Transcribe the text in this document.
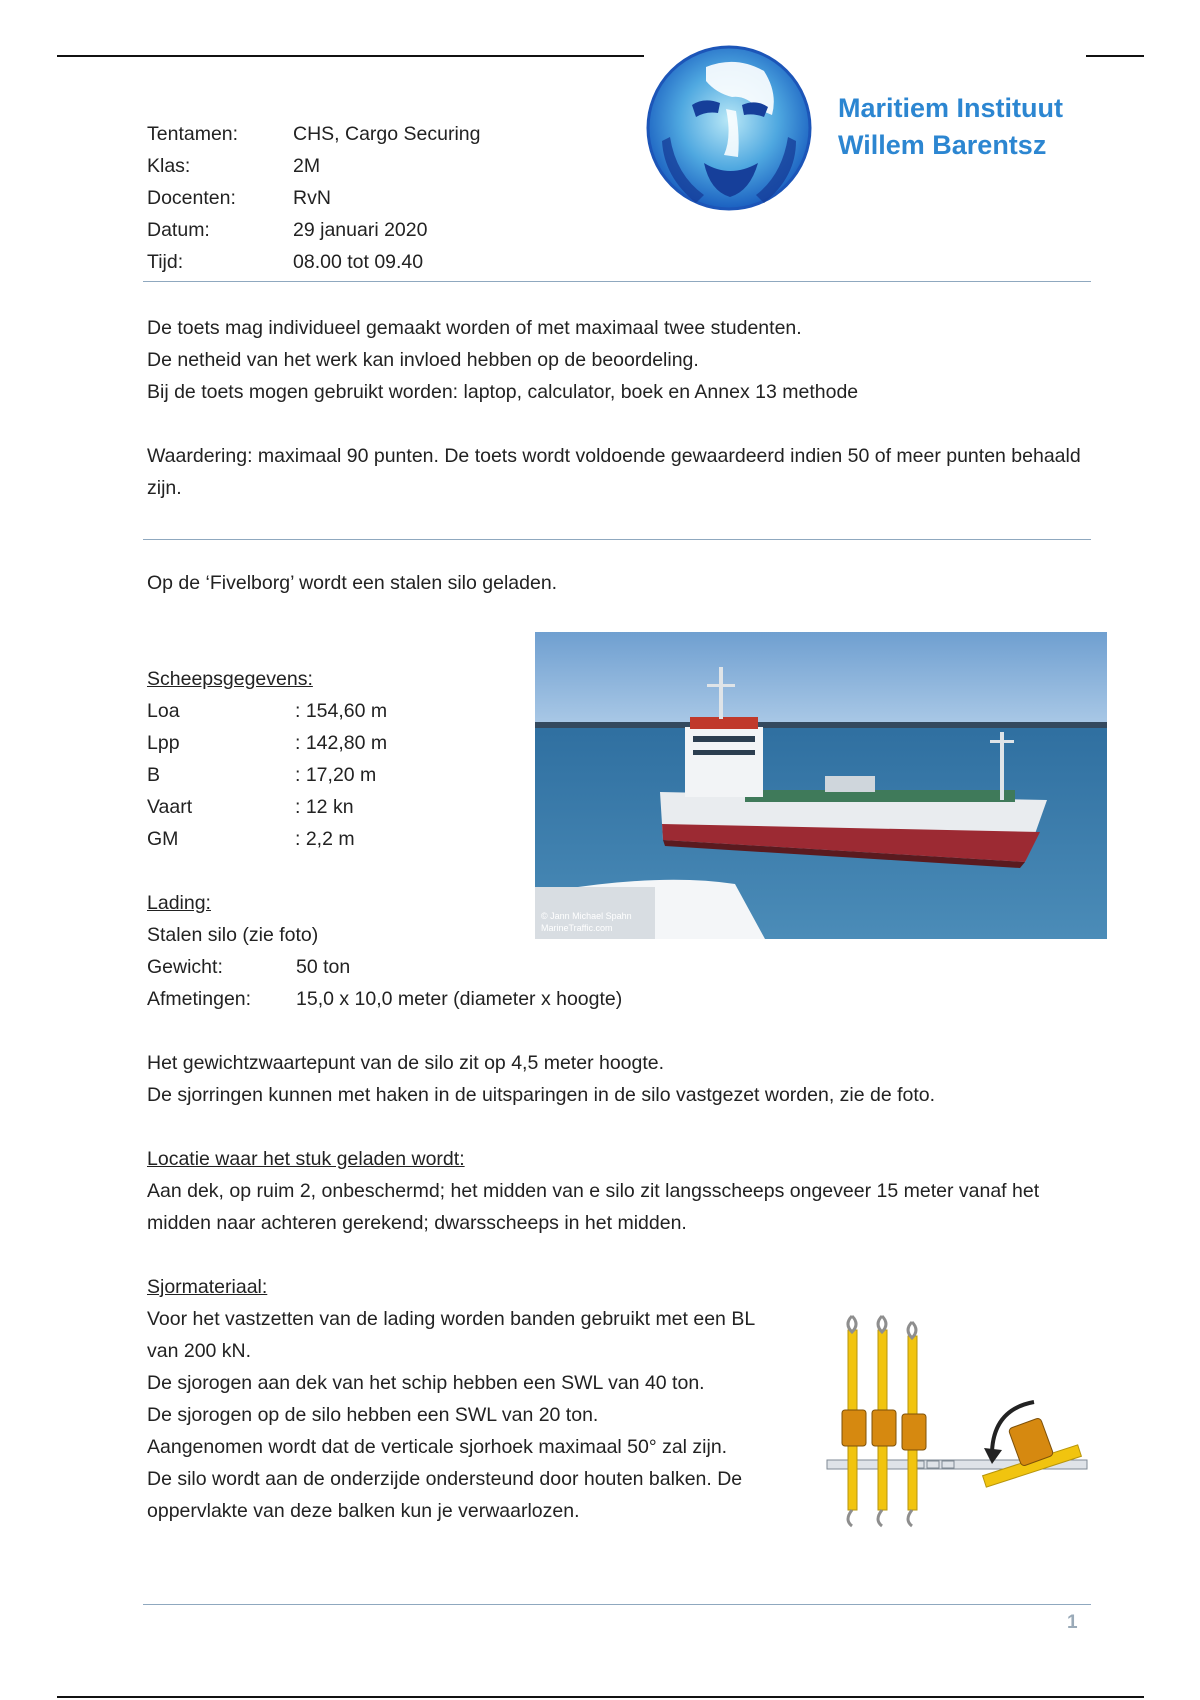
Maritiem Instituut
Willem Barentsz
Tentamen:	CHS, Cargo Securing
Klas:	2M
Docenten:	RvN
Datum:	29 januari 2020
Tijd:	08.00 tot 09.40
De toets mag individueel gemaakt worden of met maximaal twee studenten.
De netheid van het werk kan invloed hebben op de beoordeling.
Bij de toets mogen gebruikt worden: laptop, calculator, boek en Annex 13 methode
Waardering: maximaal 90 punten. De toets wordt voldoende gewaardeerd indien 50 of meer punten behaald zijn.
Op de ‘Fivelborg’ wordt een stalen silo geladen.
Scheepsgegevens:
Loa	: 154,60 m
Lpp	: 142,80 m
B	: 17,20 m
Vaart	: 12 kn
GM	: 2,2 m
© Jann Michael Spahn
MarineTraffic.com
Lading:
Stalen silo (zie foto)
Gewicht:	50 ton
Afmetingen: 15,0 x 10,0 meter (diameter x hoogte)
Het gewichtzwaartepunt van de silo zit op 4,5 meter hoogte.
De sjorringen kunnen met haken in de uitsparingen in de silo vastgezet worden, zie de foto.
Locatie waar het stuk geladen wordt:
Aan dek, op ruim 2, onbeschermd; het midden van e silo zit langsscheeps ongeveer 15 meter vanaf het midden naar achteren gerekend; dwarsscheeps in het midden.
Sjormateriaal:
Voor het vastzetten van de lading worden banden gebruikt met een BL
van 200 kN.
De sjorogen aan dek van het schip hebben een SWL van 40 ton.
De sjorogen op de silo hebben een SWL van 20 ton.
Aangenomen wordt dat de verticale sjorhoek maximaal 50° zal zijn.
De silo wordt aan de onderzijde ondersteund door houten balken. De
oppervlakte van deze balken kun je verwaarlozen.
1
